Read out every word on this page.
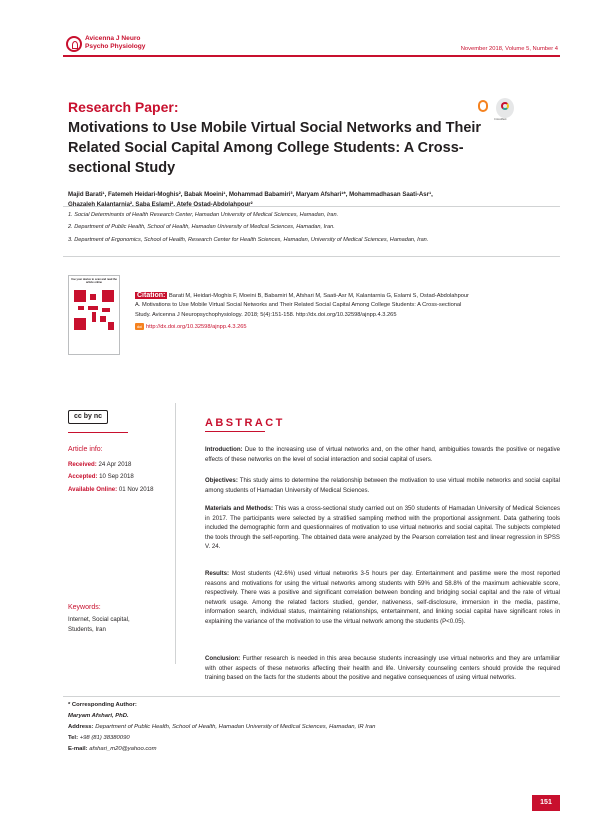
Avicenna J Neuro
Psycho Physiology	November 2018, Volume 5, Number 4
Research Paper:
Motivations to Use Mobile Virtual Social Networks and Their Related Social Capital Among College Students: A Cross-sectional Study
CrossMark
Majid Barati¹, Fatemeh Heidari-Moghis², Babak Moeini¹, Mohammad Babamiri³, Maryam Afshari¹*, Mohammadhasan Saati-Asr¹,
Ghazaleh Kalantarnia², Saba Eslami², Atefe Ostad-Abdolahpour²
1. Social Determinants of Health Research Center, Hamadan University of Medical Sciences, Hamadan, Iran.
2. Department of Public Health, School of Health, Hamadan University of Medical Sciences, Hamadan, Iran.
3. Department of Ergonomics, School of Health, Research Center for Health Sciences, Hamadan, University of Medical Sciences, Hamadan, Iran.
Use your device to scan and read the article online
Citation: Barati M, Heidari-Moghis F, Moeini B, Babamiri M, Afshari M, Saati-Asr M, Kalantarnia G, Eslami S, Ostad-Abdolahpour
A. Motivations to Use Mobile Virtual Social Networks and Their Related Social Capital Among College Students: A Cross-sectional
Study. Avicenna J Neuropsychophysiology. 2018; 5(4):151-158. http://dx.doi.org/10.32598/ajnpp.4.3.265
doi http://dx.doi.org/10.32598/ajnpp.4.3.265
cc by nc
Article info:
Received: 24 Apr 2018
Accepted: 10 Sep 2018
Available Online: 01 Nov 2018
Keywords:
Internet, Social capital,
Students, Iran
ABSTRACT
Introduction: Due to the increasing use of virtual networks and, on the other hand, ambiguities towards the positive or negative effects of these networks on the level of social interaction and social capital of users.
Objectives: This study aims to determine the relationship between the motivation to use virtual mobile networks and social capital among students of Hamadan University of Medical Sciences.
Materials and Methods: This was a cross-sectional study carried out on 350 students of Hamadan University of Medical Sciences in 2017. The participants were selected by a stratified sampling method with the proportional assignment. Data gathering tools included the demographic form and questionnaires of motivation to use virtual networks and social capital. The subjects completed the tools through the self-reporting. The obtained data were analyzed by the Pearson correlation test and linear regression in SPSS V. 24.
Results: Most students (42.6%) used virtual networks 3-5 hours per day. Entertainment and pastime were the most reported reasons and motivations for using the virtual networks among students with 59% and 58.8% of the maximum achievable score, respectively. There was a positive and significant correlation between bonding and bridging social capital and the rate of virtual network usage. Among the related factors studied, gender, nativeness, self-disclosure, immersion in the media, pastime, information search, individual status, maintaining relationships, entertainment, and linking social capital have significant roles in explaining the variance of the motivation to use the virtual network among the students (P<0.05).
Conclusion: Further research is needed in this area because students increasingly use virtual networks and they are unfamiliar with other aspects of these networks affecting their health and life. University counseling centers should provide the required training based on the facts for the students about the positive and negative consequences of using virtual networks.
* Corresponding Author:
Maryam Afshari, PhD.
Address: Department of Public Health, School of Health, Hamadan University of Medical Sciences, Hamadan, IR Iran
Tel: +98 (81) 38380090
E-mail: afshari_m20@yahoo.com
151
